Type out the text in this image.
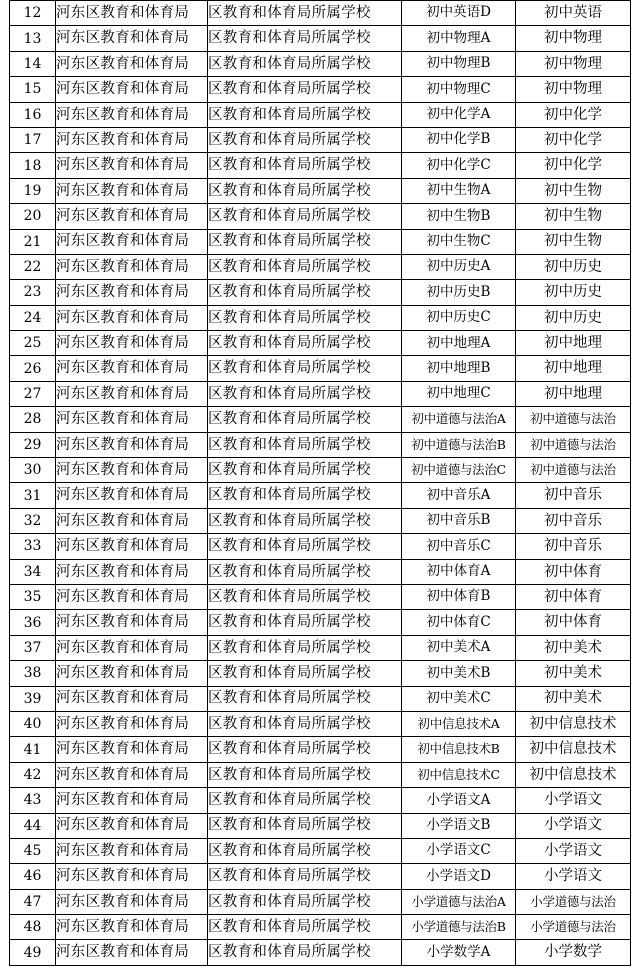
12	河东区教育和体育局	区教育和体育局所属学校	初中英语D	初中英语
13	河东区教育和体育局	区教育和体育局所属学校	初中物理A	初中物理
14	河东区教育和体育局	区教育和体育局所属学校	初中物理B	初中物理
15	河东区教育和体育局	区教育和体育局所属学校	初中物理C	初中物理
16	河东区教育和体育局	区教育和体育局所属学校	初中化学A	初中化学
17	河东区教育和体育局	区教育和体育局所属学校	初中化学B	初中化学
18	河东区教育和体育局	区教育和体育局所属学校	初中化学C	初中化学
19	河东区教育和体育局	区教育和体育局所属学校	初中生物A	初中生物
20	河东区教育和体育局	区教育和体育局所属学校	初中生物B	初中生物
21	河东区教育和体育局	区教育和体育局所属学校	初中生物C	初中生物
22	河东区教育和体育局	区教育和体育局所属学校	初中历史A	初中历史
23	河东区教育和体育局	区教育和体育局所属学校	初中历史B	初中历史
24	河东区教育和体育局	区教育和体育局所属学校	初中历史C	初中历史
25	河东区教育和体育局	区教育和体育局所属学校	初中地理A	初中地理
26	河东区教育和体育局	区教育和体育局所属学校	初中地理B	初中地理
27	河东区教育和体育局	区教育和体育局所属学校	初中地理C	初中地理
28	河东区教育和体育局	区教育和体育局所属学校	初中道德与法治A	初中道德与法治
29	河东区教育和体育局	区教育和体育局所属学校	初中道德与法治B	初中道德与法治
30	河东区教育和体育局	区教育和体育局所属学校	初中道德与法治C	初中道德与法治
31	河东区教育和体育局	区教育和体育局所属学校	初中音乐A	初中音乐
32	河东区教育和体育局	区教育和体育局所属学校	初中音乐B	初中音乐
33	河东区教育和体育局	区教育和体育局所属学校	初中音乐C	初中音乐
34	河东区教育和体育局	区教育和体育局所属学校	初中体育A	初中体育
35	河东区教育和体育局	区教育和体育局所属学校	初中体育B	初中体育
36	河东区教育和体育局	区教育和体育局所属学校	初中体育C	初中体育
37	河东区教育和体育局	区教育和体育局所属学校	初中美术A	初中美术
38	河东区教育和体育局	区教育和体育局所属学校	初中美术B	初中美术
39	河东区教育和体育局	区教育和体育局所属学校	初中美术C	初中美术
40	河东区教育和体育局	区教育和体育局所属学校	初中信息技术A	初中信息技术
41	河东区教育和体育局	区教育和体育局所属学校	初中信息技术B	初中信息技术
42	河东区教育和体育局	区教育和体育局所属学校	初中信息技术C	初中信息技术
43	河东区教育和体育局	区教育和体育局所属学校	小学语文A	小学语文
44	河东区教育和体育局	区教育和体育局所属学校	小学语文B	小学语文
45	河东区教育和体育局	区教育和体育局所属学校	小学语文C	小学语文
46	河东区教育和体育局	区教育和体育局所属学校	小学语文D	小学语文
47	河东区教育和体育局	区教育和体育局所属学校	小学道德与法治A	小学道德与法治
48	河东区教育和体育局	区教育和体育局所属学校	小学道德与法治B	小学道德与法治
49	河东区教育和体育局	区教育和体育局所属学校	小学数学A	小学数学
